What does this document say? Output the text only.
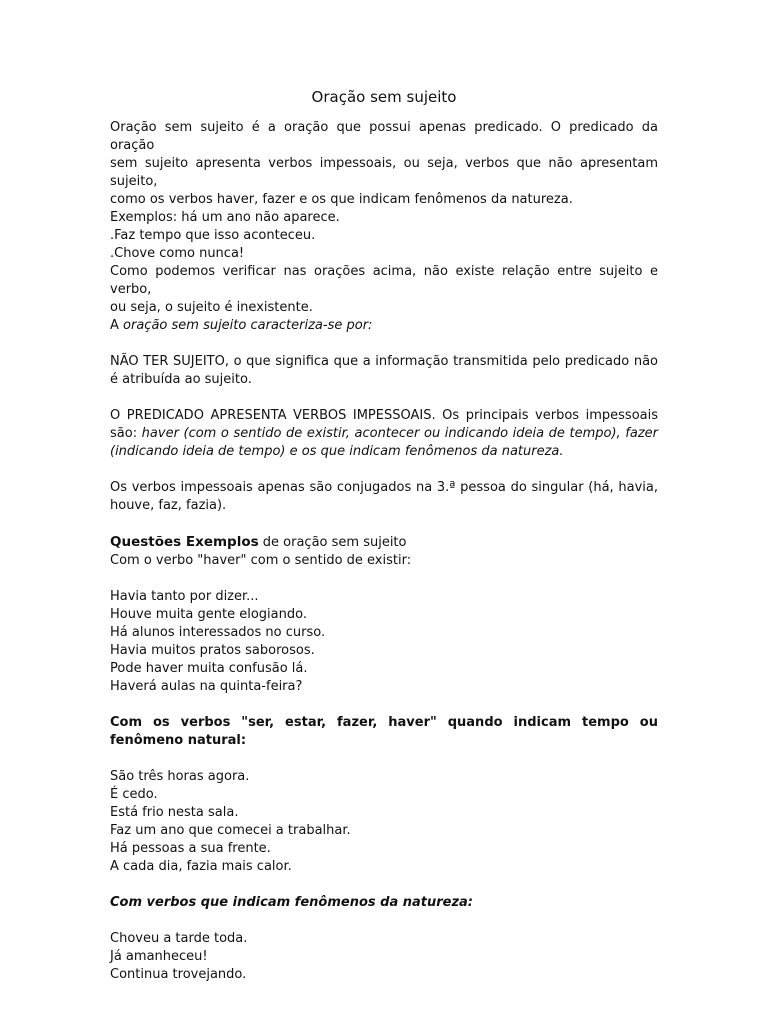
Oração sem sujeito

Oração sem sujeito é a oração que possui apenas predicado. O predicado da oração

sem sujeito apresenta verbos impessoais, ou seja, verbos que não apresentam sujeito,

como os verbos haver, fazer e os que indicam fenômenos da natureza.

Exemplos: há um ano não aparece.

.Faz tempo que isso aconteceu.

.Chove como nunca!

Como podemos verificar nas orações acima, não existe relação entre sujeito e verbo,

ou seja, o sujeito é inexistente.

A oração sem sujeito caracteriza-se por:

NÃO TER SUJEITO, o que significa que a informação transmitida pelo predicado não é atribuída ao sujeito.

O PREDICADO APRESENTA VERBOS IMPESSOAIS. Os principais verbos impessoais são: haver (com o sentido de existir, acontecer ou indicando ideia de tempo), fazer (indicando ideia de tempo) e os que indicam fenômenos da natureza.

Os verbos impessoais apenas são conjugados na 3.ª pessoa do singular (há, havia, houve, faz, fazia).

Questões Exemplos de oração sem sujeito

Com o verbo "haver" com o sentido de existir:

Havia tanto por dizer...

Houve muita gente elogiando.

Há alunos interessados no curso.

Havia muitos pratos saborosos.

Pode haver muita confusão lá.

Haverá aulas na quinta-feira?

Com os verbos "ser, estar, fazer, haver" quando indicam tempo ou fenômeno natural:

São três horas agora.

É cedo.

Está frio nesta sala.

Faz um ano que comecei a trabalhar.

Há pessoas a sua frente.

A cada dia, fazia mais calor.

Com verbos que indicam fenômenos da natureza:

Choveu a tarde toda.

Já amanheceu!

Continua trovejando.
